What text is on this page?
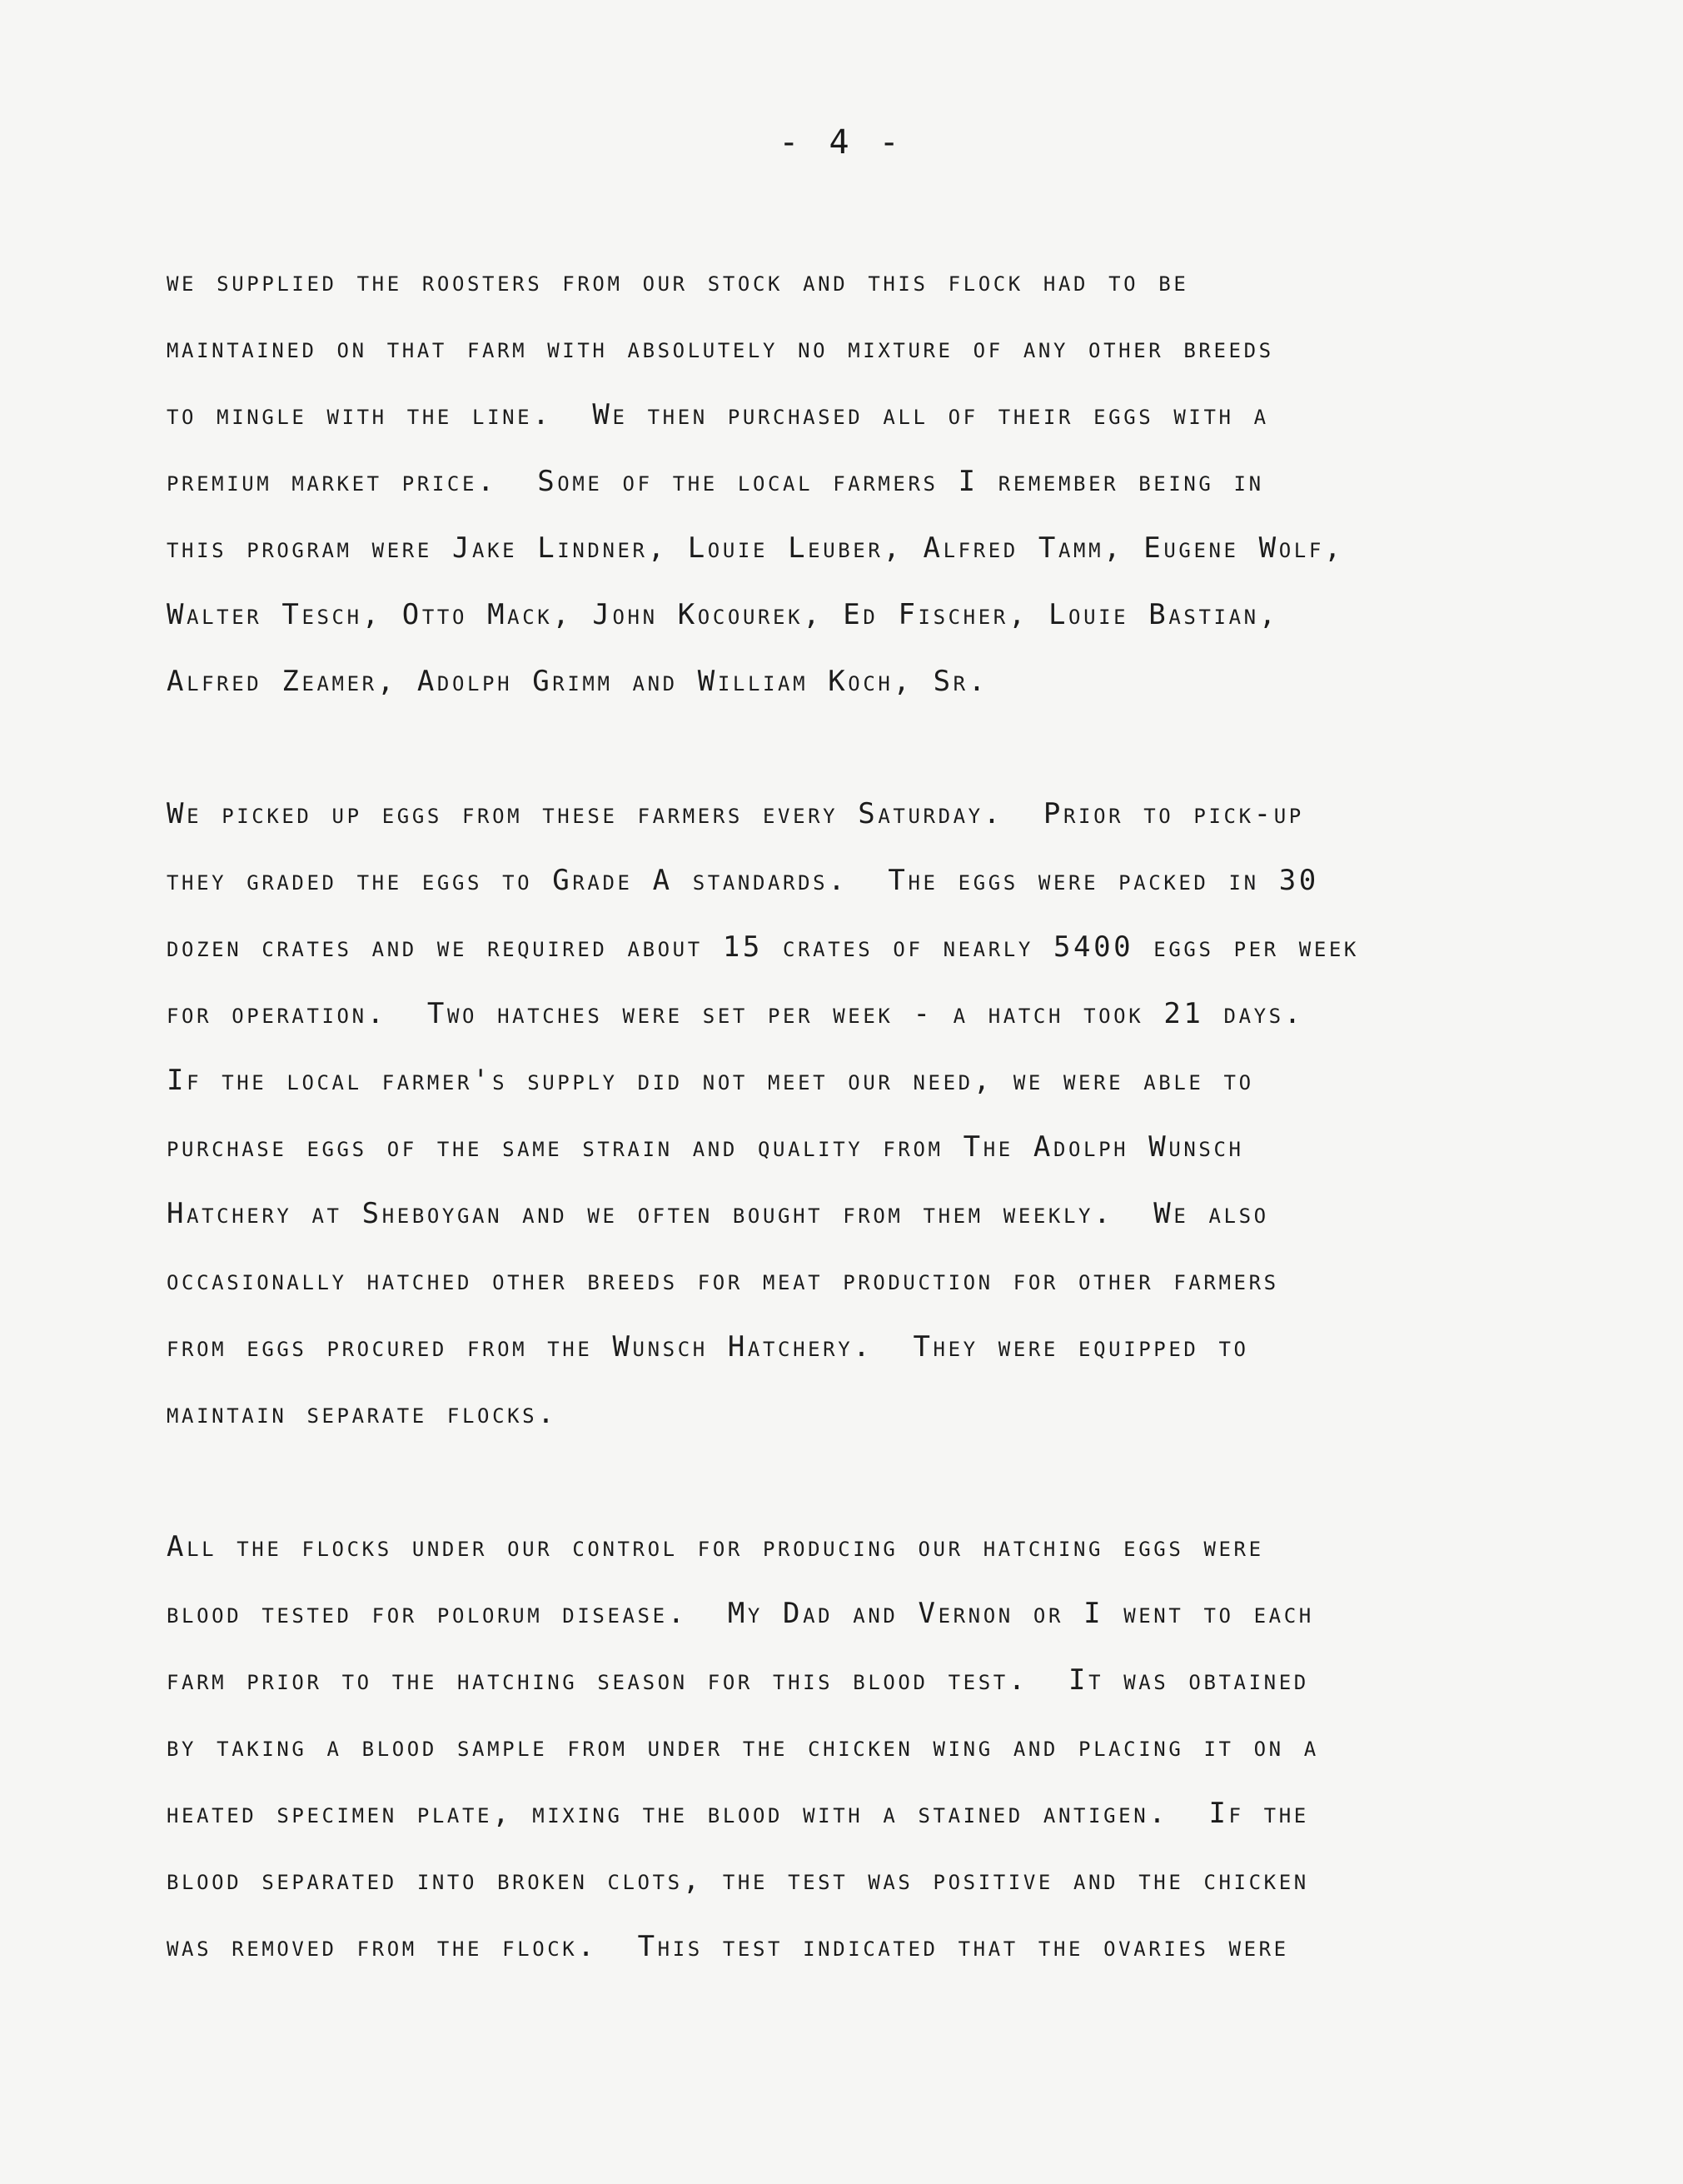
- 4 -

we supplied the roosters from our stock and this flock had to be
maintained on that farm with absolutely no mixture of any other breeds
to mingle with the line.  We then purchased all of their eggs with a
premium market price.  Some of the local farmers I remember being in
this program were Jake Lindner, Louie Leuber, Alfred Tamm, Eugene Wolf,
Walter Tesch, Otto Mack, John Kocourek, Ed Fischer, Louie Bastian,
Alfred Zeamer, Adolph Grimm and William Koch, Sr.

We picked up eggs from these farmers every Saturday.  Prior to pick-up
they graded the eggs to Grade A standards.  The eggs were packed in 30
dozen crates and we required about 15 crates of nearly 5400 eggs per week
for operation.  Two hatches were set per week - a hatch took 21 days.
If the local farmer's supply did not meet our need, we were able to
purchase eggs of the same strain and quality from The Adolph Wunsch
Hatchery at Sheboygan and we often bought from them weekly.  We also
occasionally hatched other breeds for meat production for other farmers
from eggs procured from the Wunsch Hatchery.  They were equipped to
maintain separate flocks.

All the flocks under our control for producing our hatching eggs were
blood tested for polorum disease.  My Dad and Vernon or I went to each
farm prior to the hatching season for this blood test.  It was obtained
by taking a blood sample from under the chicken wing and placing it on a
heated specimen plate, mixing the blood with a stained antigen.  If the
blood separated into broken clots, the test was positive and the chicken
was removed from the flock.  This test indicated that the ovaries were
